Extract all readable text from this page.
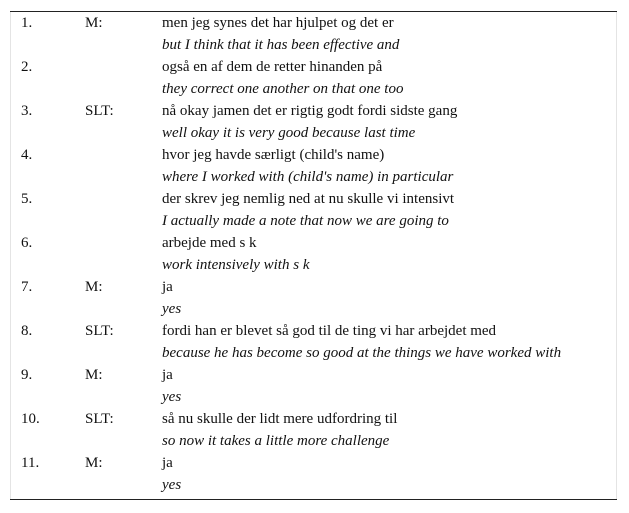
1.	M:	men jeg synes det har hjulpet og det er
		but I think that it has been effective and
2.		også en af dem de retter hinanden på
		they correct one another on that one too
3.	SLT:	nå okay jamen det er rigtig godt fordi sidste gang
		well okay it is very good because last time
4.		hvor jeg havde særligt (child's name)
		where I worked with (child's name) in particular
5.		der skrev jeg nemlig ned at nu skulle vi intensivt
		I actually made a note that now we are going to
6.		arbejde med s k
		work intensively with s k
7.	M:	ja
		yes
8.	SLT:	fordi han er blevet så god til de ting vi har arbejdet med
		because he has become so good at the things we have worked with
9.	M:	ja
		yes
10.	SLT:	så nu skulle der lidt mere udfordring til
		so now it takes a little more challenge
11.	M:	ja
		yes
